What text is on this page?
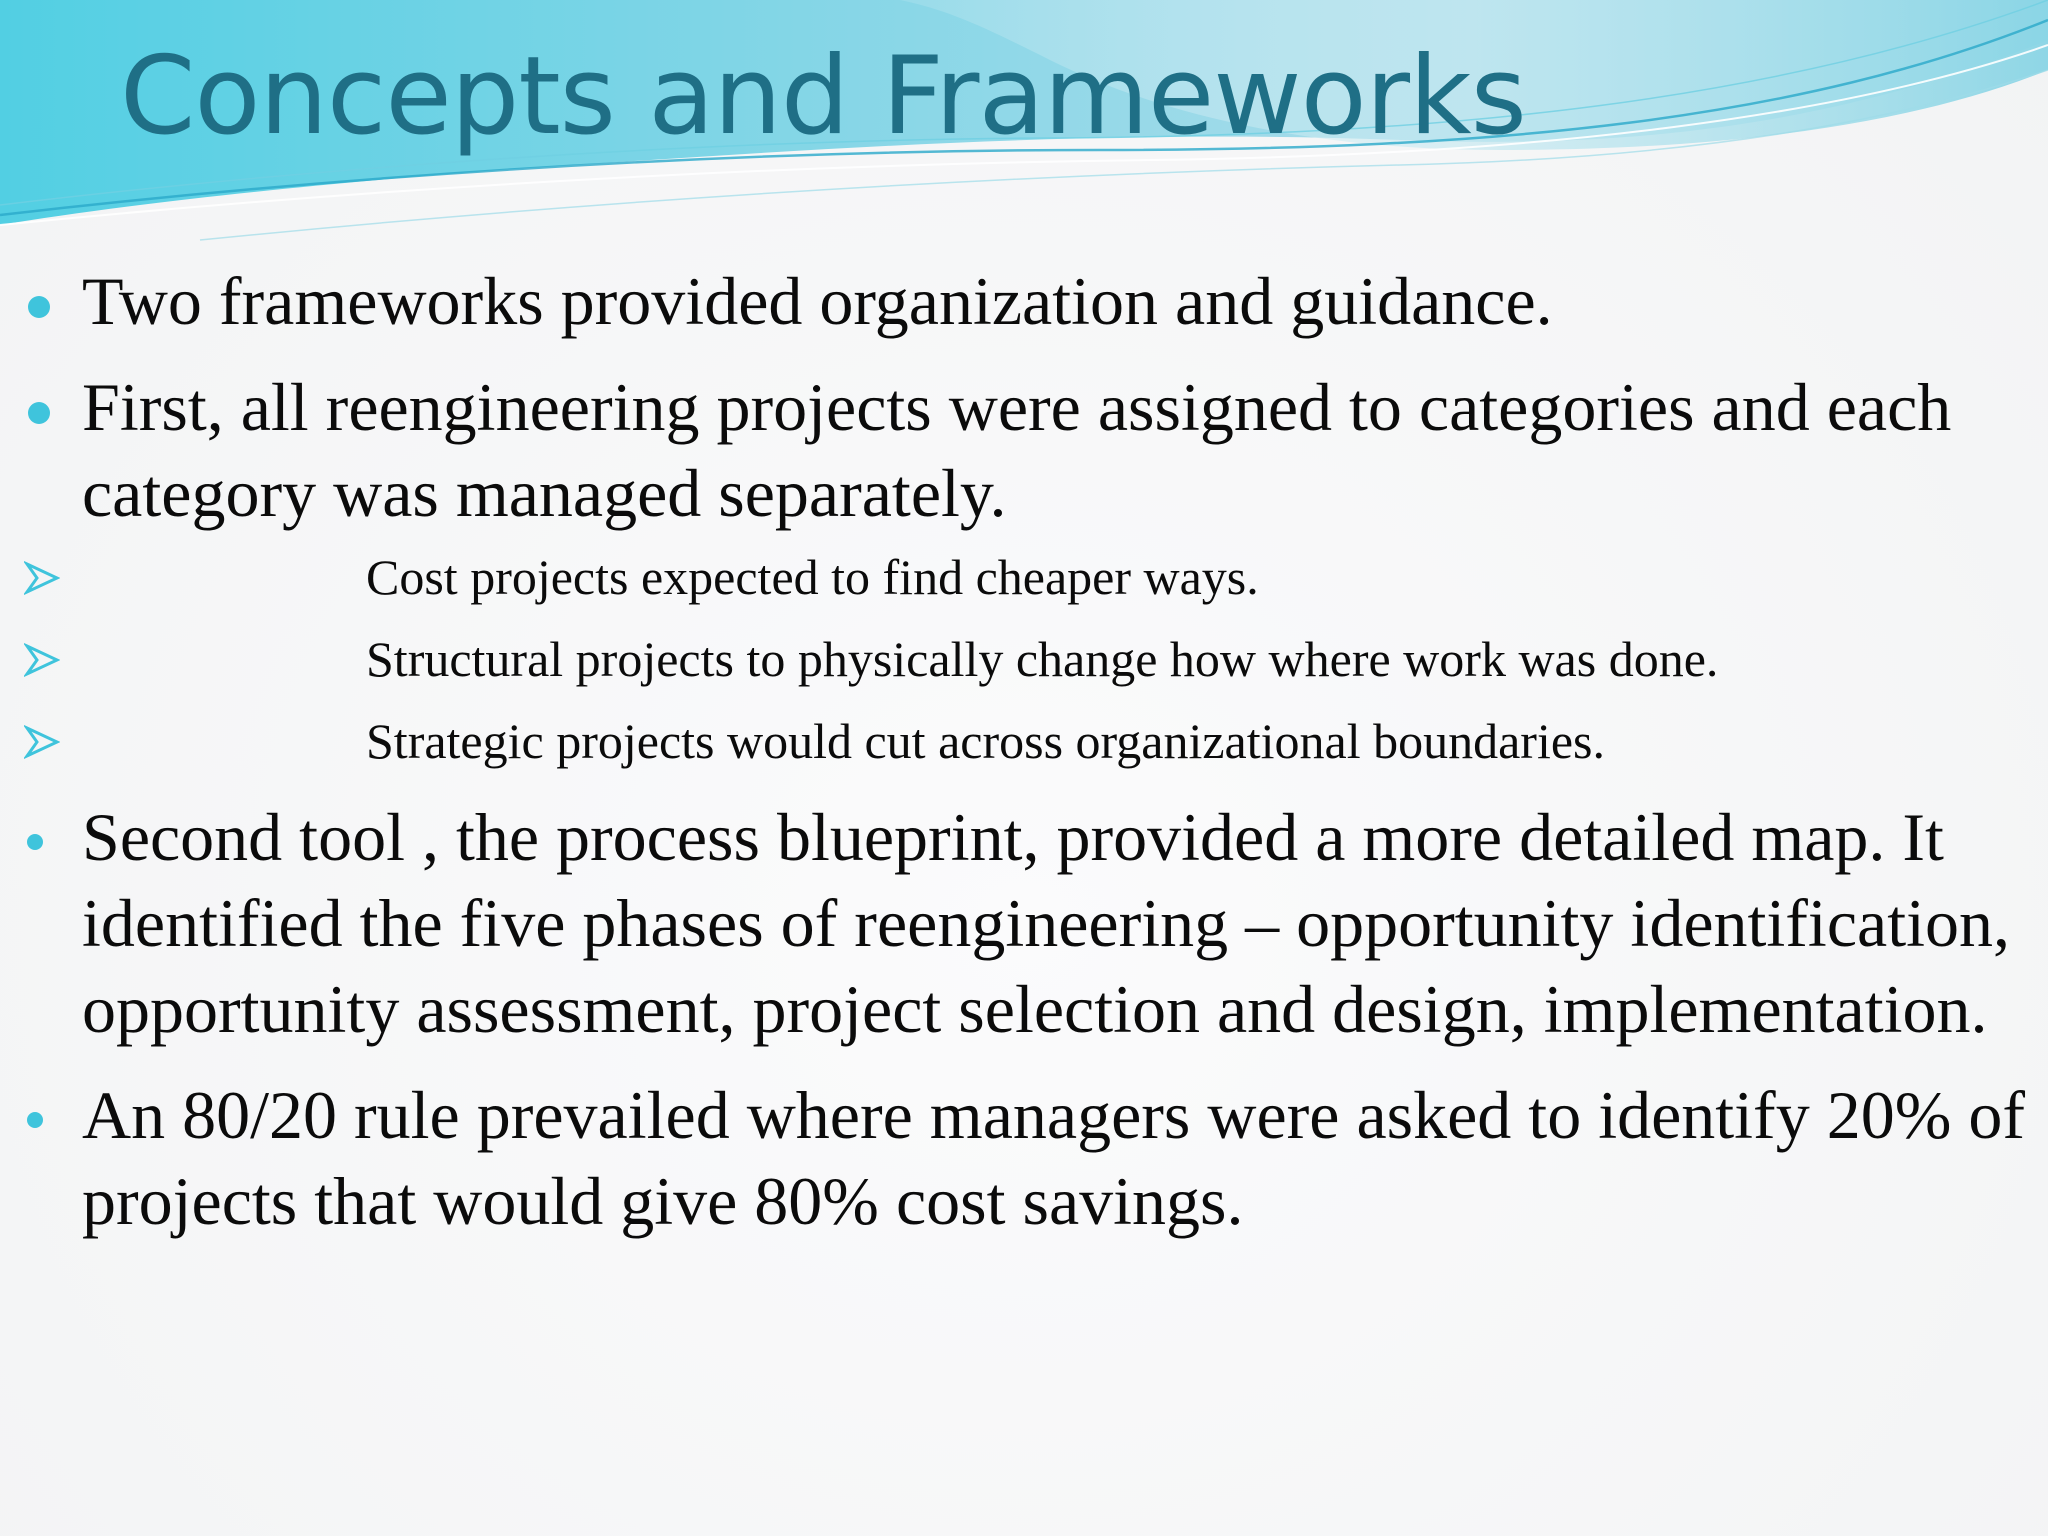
Concepts and Frameworks
Two frameworks provided organization and guidance.
First, all reengineering projects were assigned to categories and each category was managed separately.
Cost projects expected to find cheaper ways.
Structural projects to physically change how where work was done.
Strategic projects would cut across organizational boundaries.
Second tool , the process blueprint, provided a more detailed map. It identified the five phases of reengineering – opportunity identification, opportunity assessment, project selection and design, implementation.
An 80/20 rule prevailed where managers were asked to identify 20% of projects that would give 80% cost savings.
